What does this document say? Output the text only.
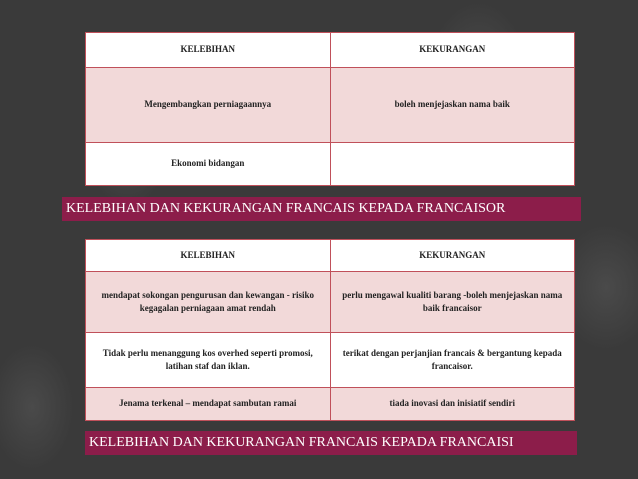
KELEBIHAN	KEKURANGAN
Mengembangkan perniagaannya	boleh menjejaskan nama baik
Ekonomi bidangan	
KELEBIHAN DAN KEKURANGAN FRANCAIS KEPADA FRANCAISOR
KELEBIHAN	KEKURANGAN
mendapat sokongan pengurusan dan kewangan - risiko kegagalan perniagaan amat rendah	perlu mengawal kualiti barang -boleh menjejaskan nama baik francaisor
Tidak perlu menanggung kos overhed seperti promosi, latihan staf dan iklan.	terikat dengan perjanjian francais & bergantung kepada francaisor.
Jenama terkenal – mendapat sambutan ramai	tiada inovasi dan inisiatif sendiri
KELEBIHAN DAN KEKURANGAN FRANCAIS KEPADA FRANCAISI
